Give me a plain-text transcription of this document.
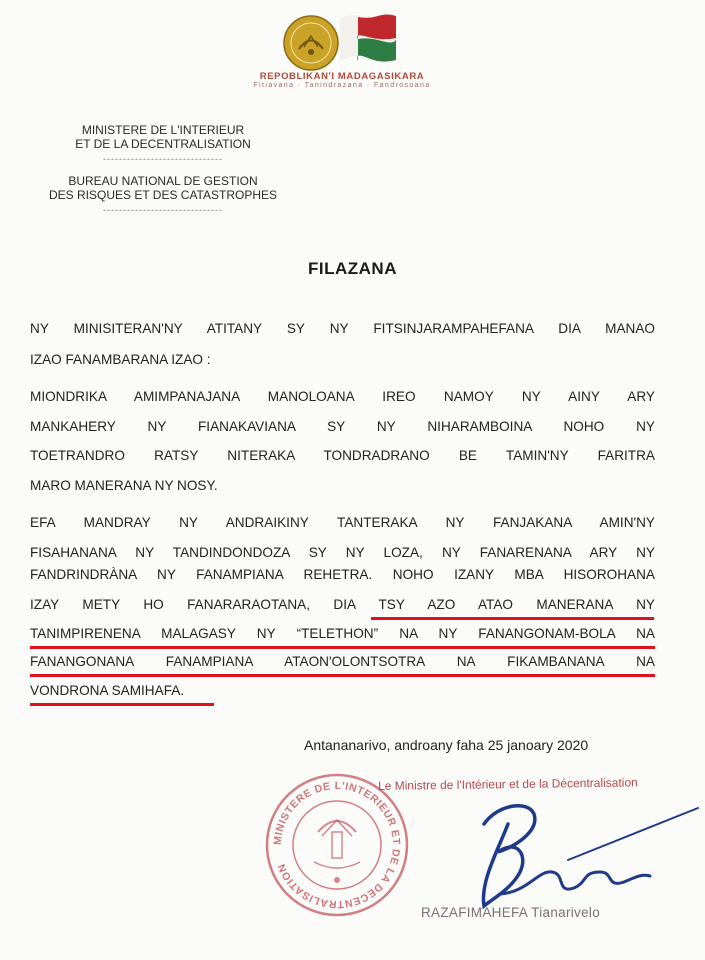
REPOBLIKAN'I MADAGASIKARA
Fitiavana · Tanindrazana · Fandrosoana
MINISTERE DE L'INTERIEUR
ET DE LA DECENTRALISATION
------------------------------
BUREAU NATIONAL DE GESTION
DES RISQUES ET DES CATASTROPHES
------------------------------
FILAZANA
NY MINISITERAN'NY ATITANY SY NY FITSINJARAMPAHEFANA DIA MANAO
IZAO FANAMBARANA IZAO :
MIONDRIKA AMIMPANAJANA MANOLOANA IREO NAMOY NY AINY ARY
MANKAHERY NY FIANAKAVIANA SY NY NIHARAMBOINA NOHO NY
TOETRANDRO RATSY NITERAKA TONDRADRANO BE TAMIN'NY FARITRA
MARO MANERANA NY NOSY.
EFA MANDRAY NY ANDRAIKINY TANTERAKA NY FANJAKANA AMIN'NY
FISAHANANA NY TANDINDONDOZA SY NY LOZA, NY FANARENANA ARY NY
FANDRINDRÀNA NY FANAMPIANA REHETRA. NOHO IZANY MBA HISOROHANA
IZAY METY HO FANARARAOTANA, DIA TSY AZO ATAO MANERANA NY
TANIMPIRENENA MALAGASY NY “TELETHON” NA NY FANANGONAM-BOLA NA
FANANGONANA FANAMPIANA ATAON'OLONTSOTRA NA FIKAMBANANA NA
VONDRONA SAMIHAFA.
Antananarivo, androany faha 25 janoary 2020
MINISTERE DE L'INTERIEUR ET DE LA DECENTRALISATION
Le Ministre de l'Intérieur et de la Décentralisation
RAZAFIMAHEFA Tianarivelo
